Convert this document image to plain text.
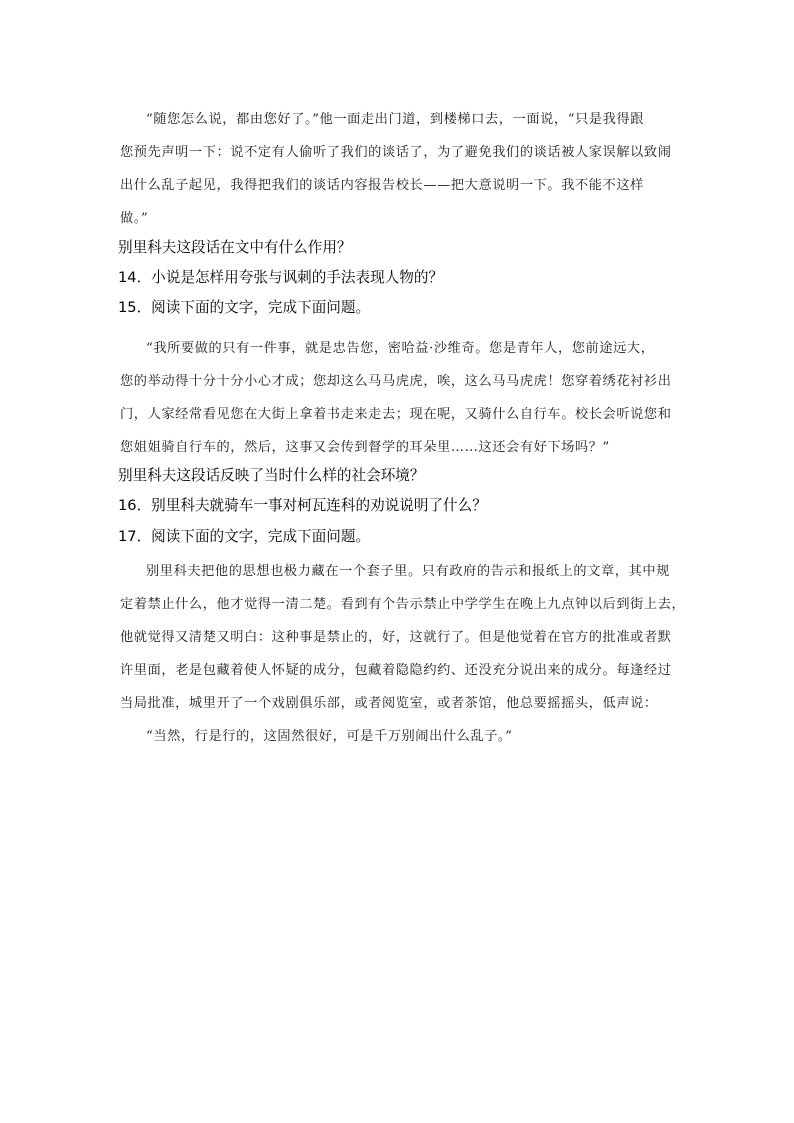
“随您怎么说，都由您好了。”他一面走出门道，到楼梯口去，一面说，“只是我得跟
您预先声明一下：说不定有人偷听了我们的谈话了，为了避免我们的谈话被人家误解以致闹
出什么乱子起见，我得把我们的谈话内容报告校长——把大意说明一下。我不能不这样
做。”

别里科夫这段话在文中有什么作用？

14．小说是怎样用夸张与讽刺的手法表现人物的？

15．阅读下面的文字，完成下面问题。

“我所要做的只有一件事，就是忠告您，密哈益·沙维奇。您是青年人，您前途远大，
您的举动得十分十分小心才成；您却这么马马虎虎，唉，这么马马虎虎！您穿着绣花衬衫出
门，人家经常看见您在大街上拿着书走来走去；现在呢，又骑什么自行车。校长会听说您和
您姐姐骑自行车的，然后，这事又会传到督学的耳朵里……这还会有好下场吗？”

别里科夫这段话反映了当时什么样的社会环境？

16．别里科夫就骑车一事对柯瓦连科的劝说说明了什么？

17．阅读下面的文字，完成下面问题。

别里科夫把他的思想也极力藏在一个套子里。只有政府的告示和报纸上的文章，其中规
定着禁止什么，他才觉得一清二楚。看到有个告示禁止中学学生在晚上九点钟以后到街上去，
他就觉得又清楚又明白：这种事是禁止的，好，这就行了。但是他觉着在官方的批准或者默
许里面，老是包藏着使人怀疑的成分，包藏着隐隐约约、还没充分说出来的成分。每逢经过
当局批准，城里开了一个戏剧俱乐部，或者阅览室，或者茶馆，他总要摇摇头，低声说：
“当然，行是行的，这固然很好，可是千万别闹出什么乱子。”
